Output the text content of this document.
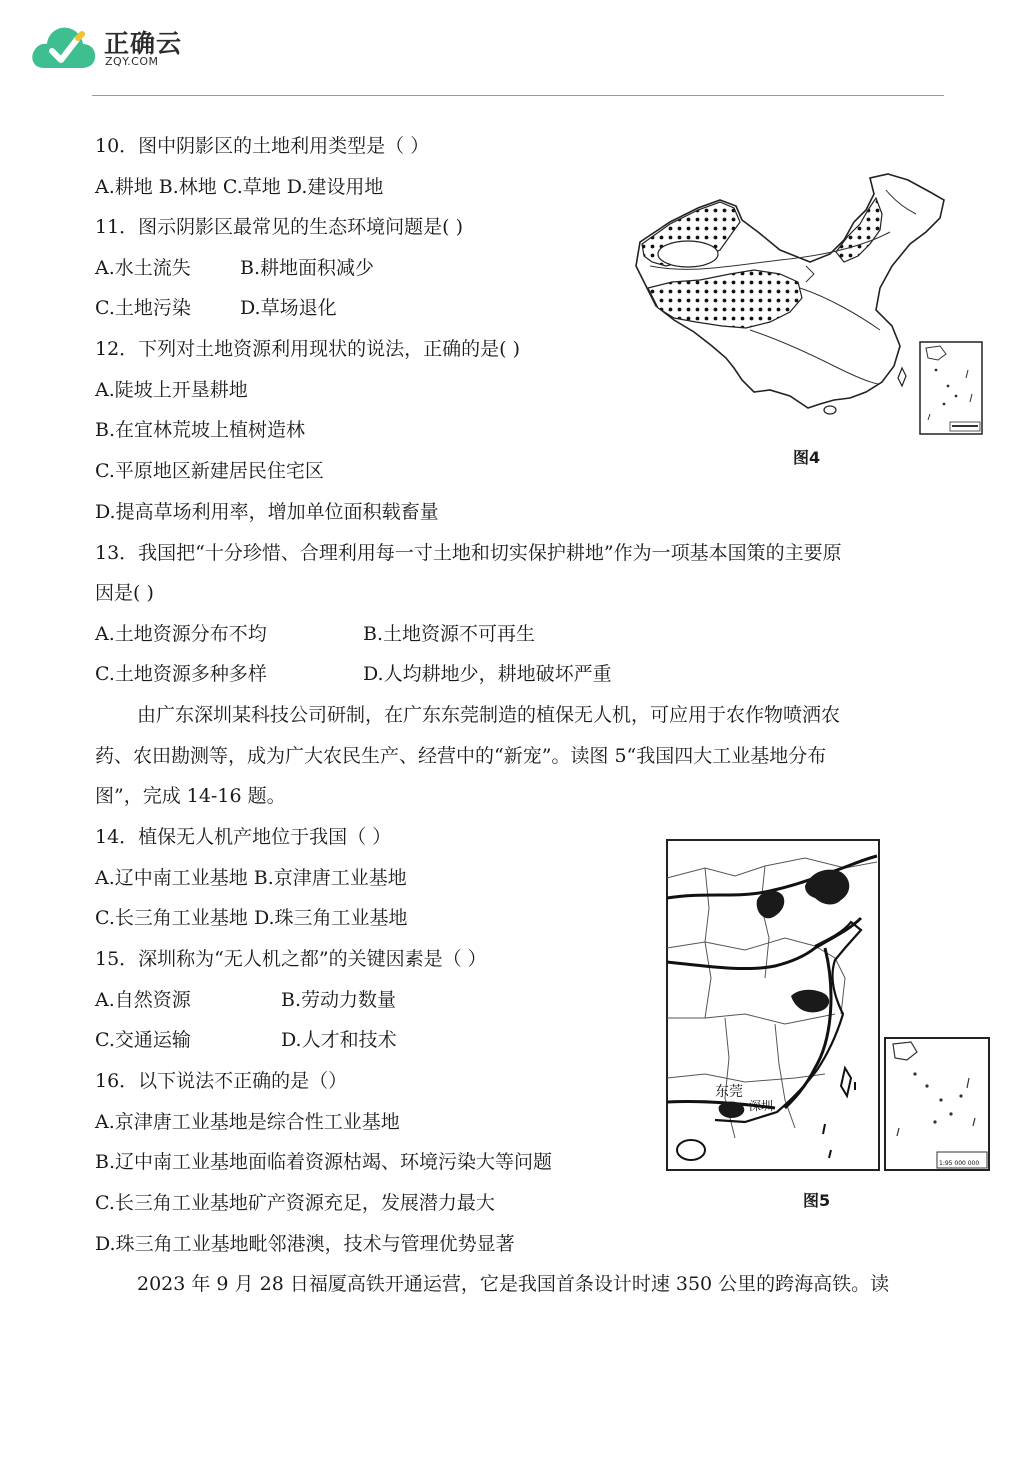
正确云
ZQY.COM
10．图中阴影区的土地利用类型是（ ）
A.耕地 B.林地 C.草地 D.建设用地
11．图示阴影区最常见的生态环境问题是( )
A.水土流失	B.耕地面积减少
C.土地污染	D.草场退化
12．下列对土地资源利用现状的说法，正确的是( )
A.陡坡上开垦耕地
B.在宜林荒坡上植树造林
C.平原地区新建居民住宅区
D.提高草场利用率，增加单位面积载畜量
13．我国把“十分珍惜、合理利用每一寸土地和切实保护耕地”作为一项基本国策的主要原
因是( )
A.土地资源分布不均	B.土地资源不可再生
C.土地资源多种多样	D.人均耕地少，耕地破坏严重
由广东深圳某科技公司研制，在广东东莞制造的植保无人机，可应用于农作物喷洒农
药、农田勘测等，成为广大农民生产、经营中的“新宠”。读图 5“我国四大工业基地分布
图”，完成 14-16 题。
14．植保无人机产地位于我国（ ）
A.辽中南工业基地 B.京津唐工业基地
C.长三角工业基地 D.珠三角工业基地
15．深圳称为“无人机之都”的关键因素是（ ）
A.自然资源	B.劳动力数量
C.交通运输	D.人才和技术
16．以下说法不正确的是（）
A.京津唐工业基地是综合性工业基地
B.辽中南工业基地面临着资源枯竭、环境污染大等问题
C.长三角工业基地矿产资源充足，发展潜力最大
D.珠三角工业基地毗邻港澳，技术与管理优势显著
2023 年 9 月 28 日福厦高铁开通运营，它是我国首条设计时速 350 公里的跨海高铁。读
图4
东莞
深圳
1:95 000 000
图5
